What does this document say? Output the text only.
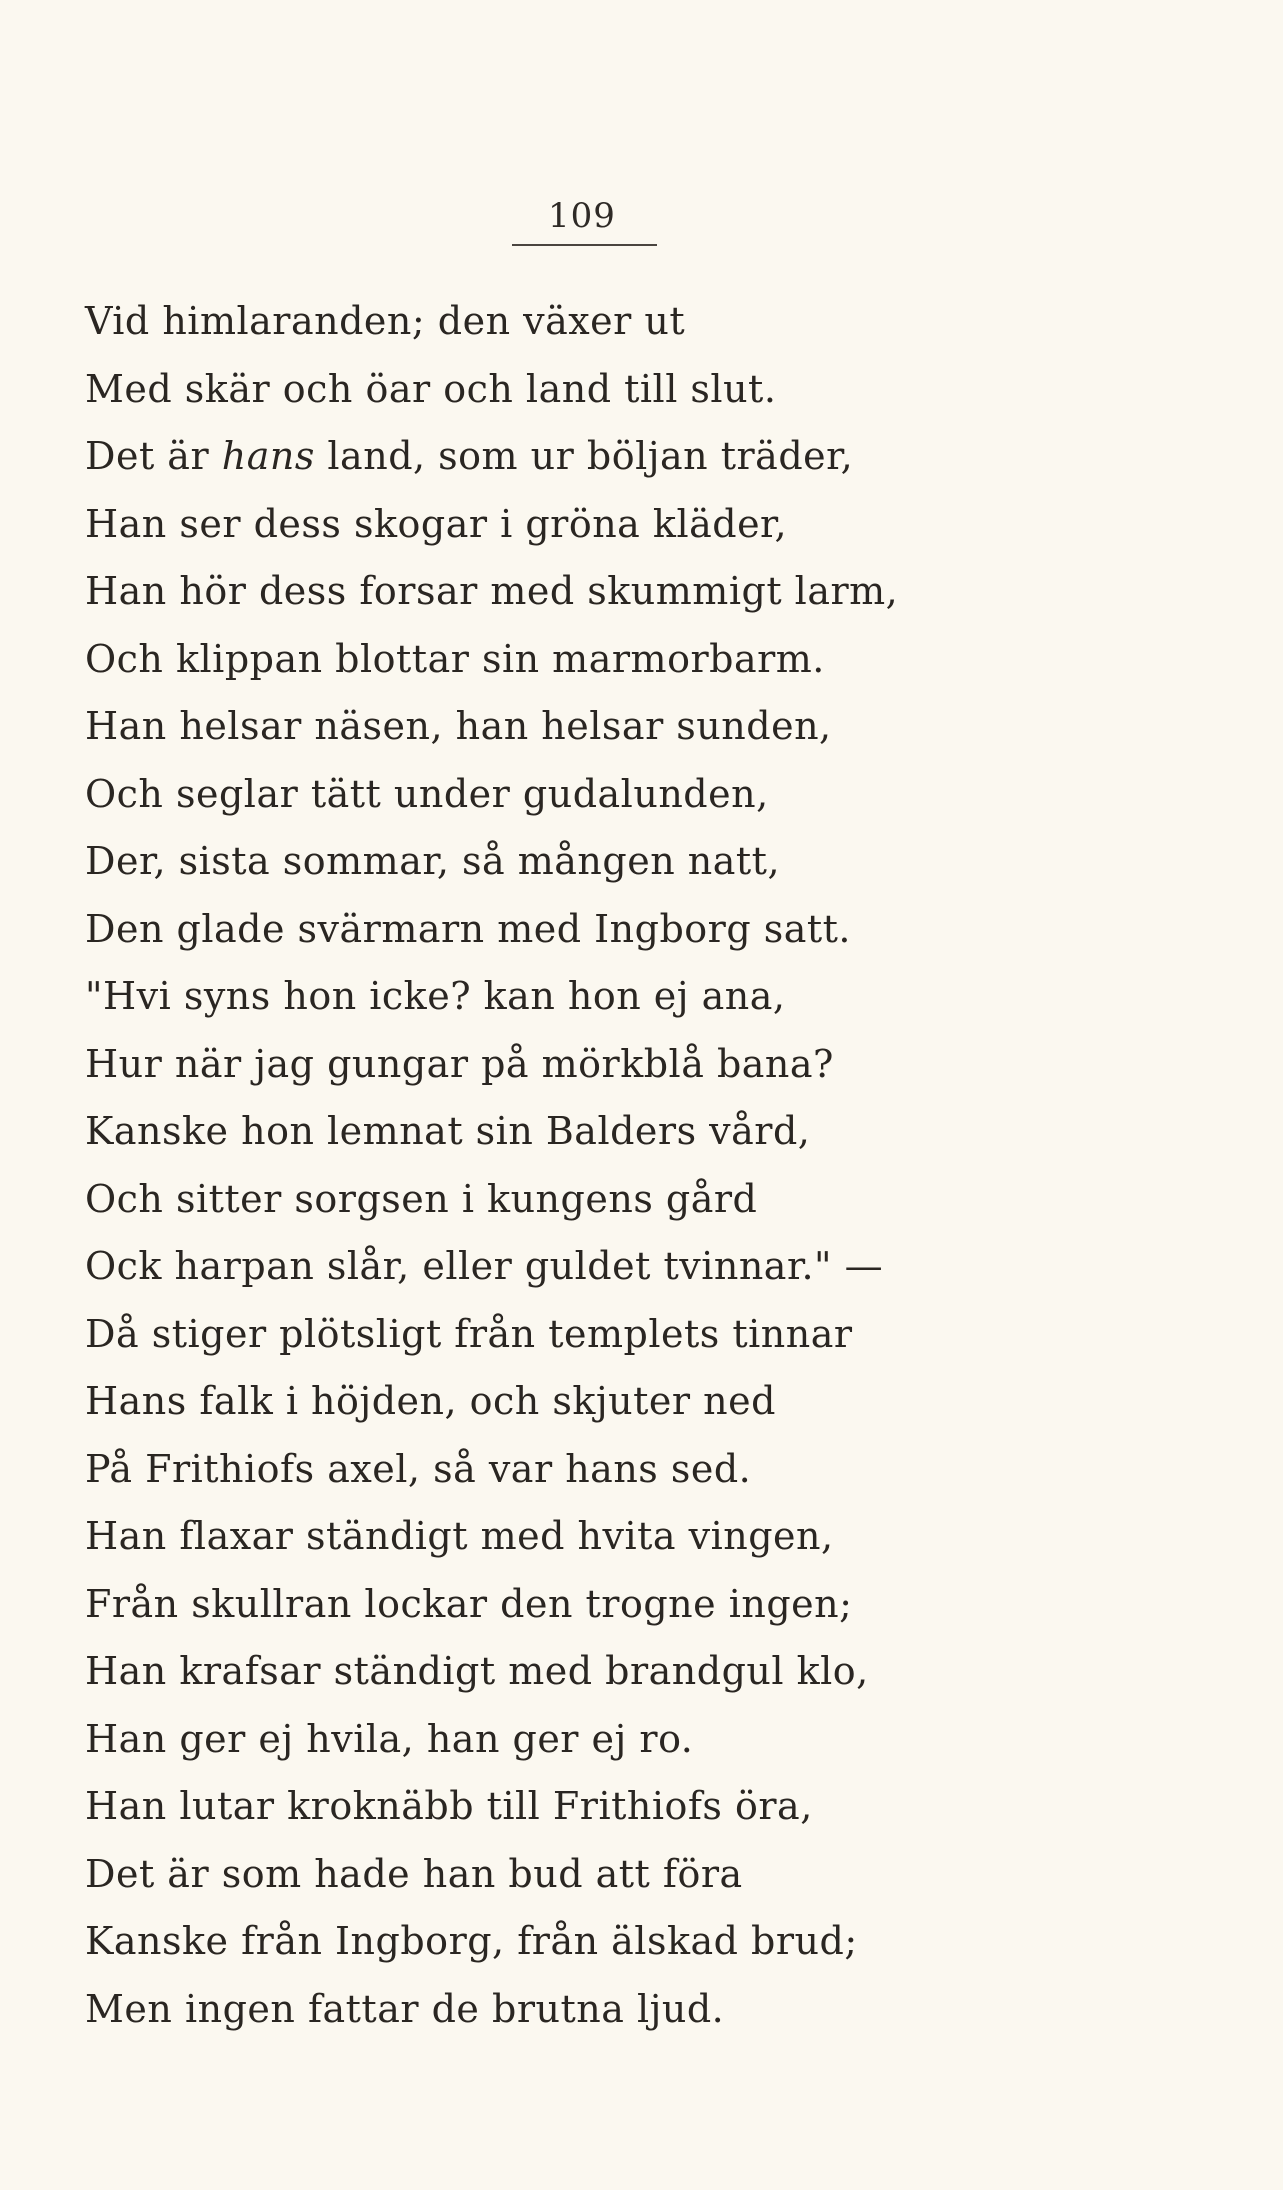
109
Vid himlaranden; den växer ut
Med skär och öar och land till slut.
Det är hans land, som ur böljan träder,
Han ser dess skogar i gröna kläder,
Han hör dess forsar med skummigt larm,
Och klippan blottar sin marmorbarm.
Han helsar näsen, han helsar sunden,
Och seglar tätt under gudalunden,
Der, sista sommar, så mången natt,
Den glade svärmarn med Ingborg satt.
"Hvi syns hon icke? kan hon ej ana,
Hur när jag gungar på mörkblå bana?
Kanske hon lemnat sin Balders vård,
Och sitter sorgsen i kungens gård
Ock harpan slår, eller guldet tvinnar." —
Då stiger plötsligt från templets tinnar
Hans falk i höjden, och skjuter ned
På Frithiofs axel, så var hans sed.
Han flaxar ständigt med hvita vingen,
Från skullran lockar den trogne ingen;
Han krafsar ständigt med brandgul klo,
Han ger ej hvila, han ger ej ro.
Han lutar kroknäbb till Frithiofs öra,
Det är som hade han bud att föra
Kanske från Ingborg, från älskad brud;
Men ingen fattar de brutna ljud.
